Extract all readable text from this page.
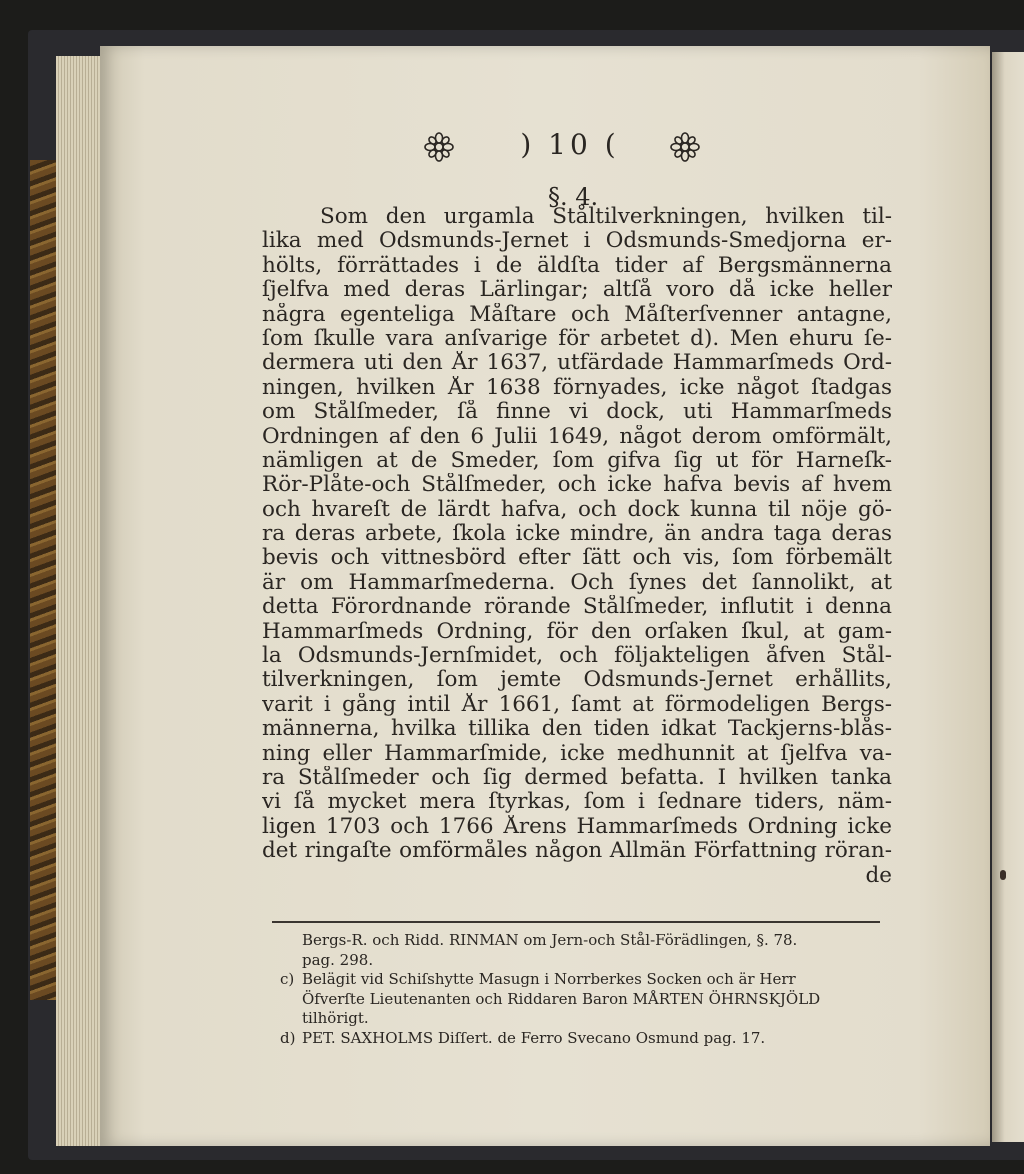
) 10 (
§. 4.
Som den urgamla Ståltilverkningen, hvilken til-
lika med Odsmunds-Jernet i Odsmunds-Smedjorna er-
hölts, förrättades i de äldſta tider af Bergsmännerna
ſjelfva med deras Lärlingar; altſå voro då icke heller
några egenteliga Måſtare och Måſterſvenner antagne,
ſom ſkulle vara anſvarige för arbetet d). Men ehuru ſe-
dermera uti den År 1637, utfärdade Hammarſmeds Ord-
ningen, hvilken År 1638 förnyades, icke något ſtadgas
om Stålſmeder, ſå finne vi dock, uti Hammarſmeds
Ordningen af den 6 Julii 1649, något derom omförmält,
nämligen at de Smeder, ſom gifva ſig ut för Harneſk-
Rör-Plåte-och Stålſmeder, och icke hafva bevis af hvem
och hvareſt de lärdt hafva, och dock kunna til nöje gö-
ra deras arbete, ſkola icke mindre, än andra taga deras
bevis och vittnesbörd efter ſätt och vis, ſom förbemält
är om Hammarſmederna. Och ſynes det ſannolikt, at
detta Förordnande rörande Stålſmeder, influtit i denna
Hammarſmeds Ordning, för den orſaken ſkul, at gam-
la Odsmunds-Jernſmidet, och följakteligen åfven Stål-
tilverkningen, ſom jemte Odsmunds-Jernet erhållits,
varit i gång intil År 1661, ſamt at förmodeligen Bergs-
männerna, hvilka tillika den tiden idkat Tackjerns-blås-
ning eller Hammarſmide, icke medhunnit at ſjelfva va-
ra Stålſmeder och ſig dermed befatta. I hvilken tanka
vi ſå mycket mera ſtyrkas, ſom i ſednare tiders, näm-
ligen 1703 och 1766 Årens Hammarſmeds Ordning icke
det ringaſte omförmåles någon Allmän Författning röran-
de
Bergs-R. och Ridd. RINMAN om Jern-och Stål-Förädlingen, §. 78.
pag. 298.
c) Belägit vid Schiſshytte Masugn i Norrberkes Socken och är Herr
Öfverſte Lieutenanten och Riddaren Baron MÅRTEN ÖHRNSKJÖLD
tilhörigt.
d) PET. SAXHOLMS Diſſert. de Ferro Svecano Osmund pag. 17.
